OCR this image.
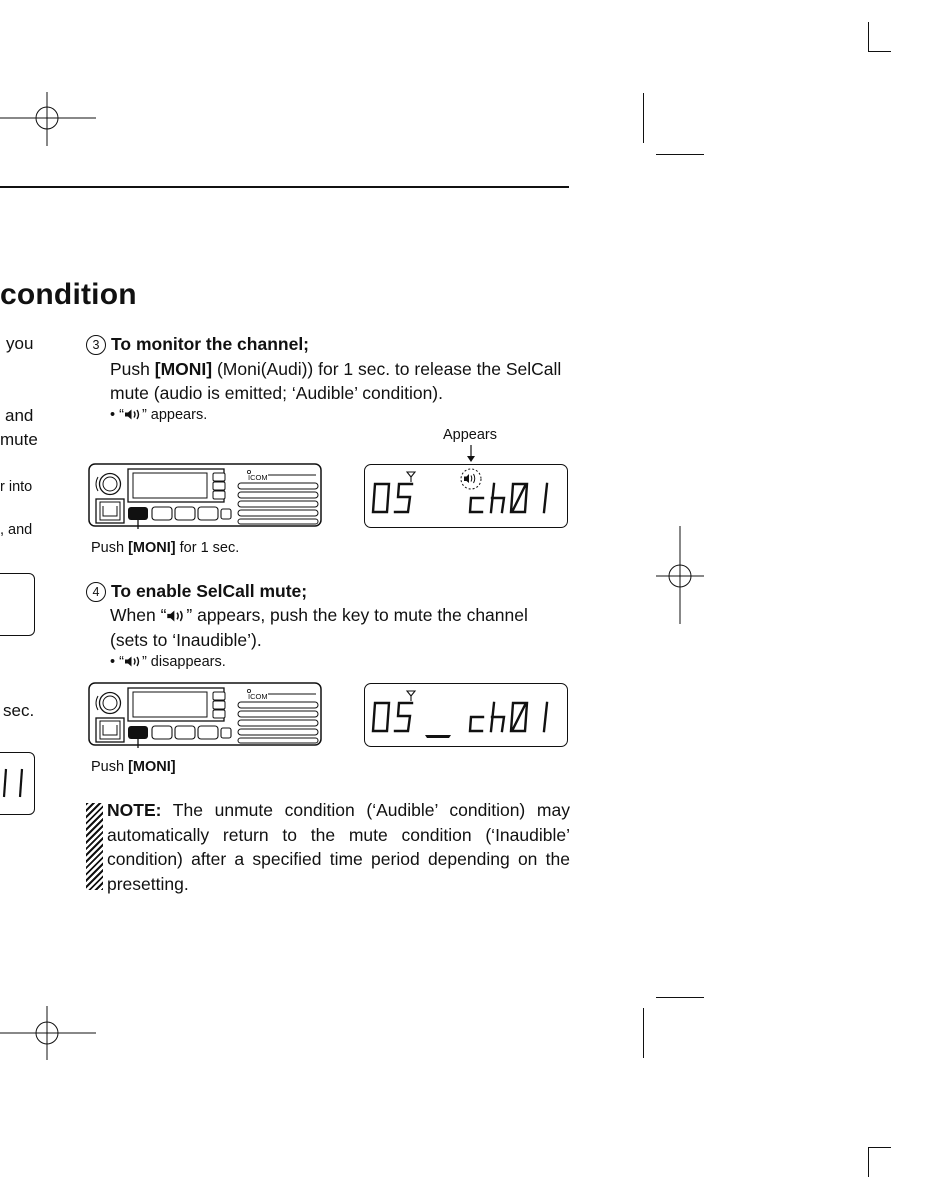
condition
you
and
mute
r into
, and
sec.
3 To monitor the channel;
Push [MONI] (Moni(Audi)) for 1 sec. to release the SelCall
mute (audio is emitted; ‘Audible’ condition).
• “ ” appears.
Appears
ICOM
Push [MONI] for 1 sec.
4 To enable SelCall mute;
When “ ” appears, push the key to mute the channel
(sets to ‘Inaudible’).
• “ ” disappears.
ICOM
Push [MONI]
NOTE: The unmute condition (‘Audible’ condition) may automatically return to the mute condition (‘Inaudible’ condition) after a specified time period depending on the presetting.
